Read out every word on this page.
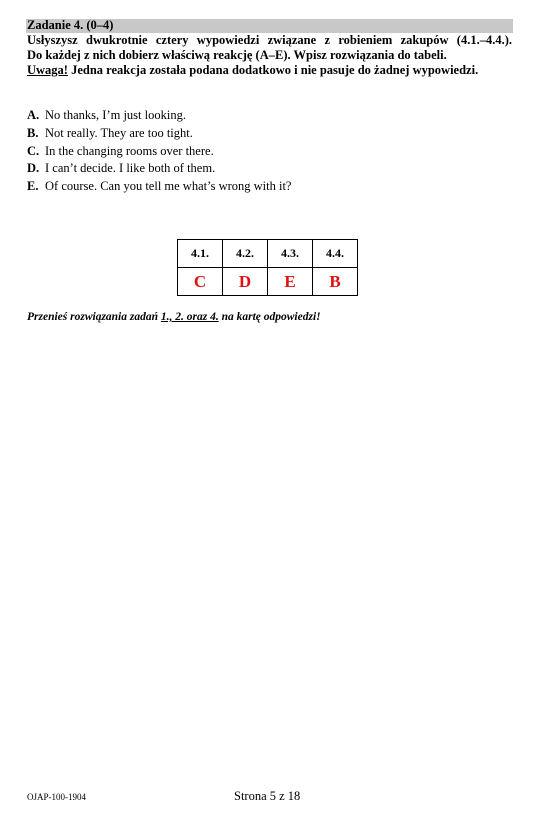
Zadanie 4. (0–4)
Usłyszysz dwukrotnie cztery wypowiedzi związane z robieniem zakupów (4.1.–4.4.).
Do każdej z nich dobierz właściwą reakcję (A–E). Wpisz rozwiązania do tabeli.
Uwaga! Jedna reakcja została podana dodatkowo i nie pasuje do żadnej wypowiedzi.
A. No thanks, I’m just looking.
B. Not really. They are too tight.
C. In the changing rooms over there.
D. I can’t decide. I like both of them.
E. Of course. Can you tell me what’s wrong with it?
4.1.	4.2.	4.3.	4.4.
C	D	E	B
Przenieś rozwiązania zadań 1., 2. oraz 4. na kartę odpowiedzi!
OJAP-100-1904	Strona 5 z 18
